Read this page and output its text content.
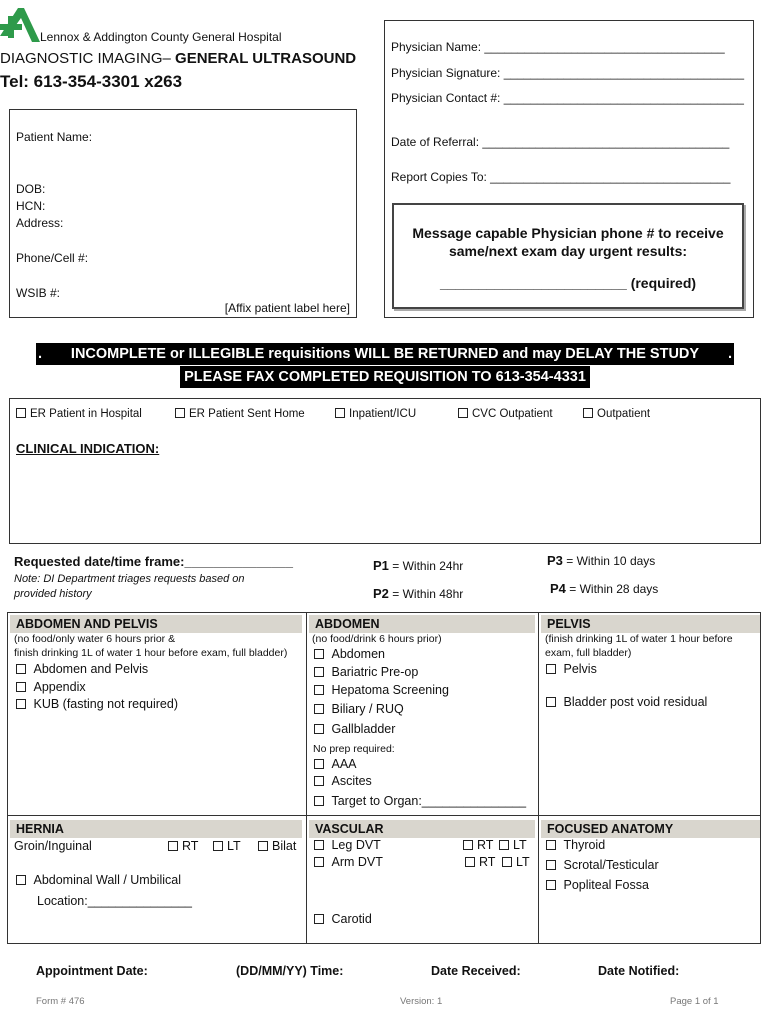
Lennox & Addington County General Hospital
DIAGNOSTIC IMAGING– GENERAL ULTRASOUND
Tel: 613-354-3301 x263
Patient Name:
DOB:
HCN:
Address:
Phone/Cell #:
WSIB #:
[Affix patient label here]
Physician Name: ____________________________________
Physician Signature: ____________________________________
Physician Contact #: ____________________________________
Date of Referral: _____________________________________
Report Copies To: ____________________________________
Message capable Physician phone # to receive
same/next exam day urgent results:
________________________ (required)
. INCOMPLETE or ILLEGIBLE requisitions WILL BE RETURNED and may DELAY THE STUDY .
PLEASE FAX COMPLETED REQUISITION TO 613-354-4331
ER Patient in Hospital	ER Patient Sent Home	Inpatient/ICU	CVC Outpatient	Outpatient
CLINICAL INDICATION:
Requested date/time frame:_______________
Note: DI Department triages requests based on
provided history
P1 = Within 24hr
P2 = Within 48hr
P3 = Within 10 days
P4 = Within 28 days
ABDOMEN AND PELVIS
(no food/only water 6 hours prior &
finish drinking 1L of water 1 hour before exam, full bladder)
Abdomen and Pelvis
Appendix
KUB (fasting not required)
ABDOMEN
(no food/drink 6 hours prior)
Abdomen
Bariatric Pre-op
Hepatoma Screening
Biliary / RUQ
Gallbladder
No prep required:
AAA
Ascites
Target to Organ:_______________
PELVIS
(finish drinking 1L of water 1 hour before
exam, full bladder)
Pelvis
Bladder post void residual
HERNIA
Groin/Inguinal	RT	LT	Bilat
Abdominal Wall / Umbilical
Location:_______________
VASCULAR
Leg DVT	RT	LT
Arm DVT	RT	LT
Carotid
FOCUSED ANATOMY
Thyroid
Scrotal/Testicular
Popliteal Fossa
Appointment Date:	(DD/MM/YY) Time:	Date Received:	Date Notified:
Form # 476	Version: 1	Page 1 of 1
